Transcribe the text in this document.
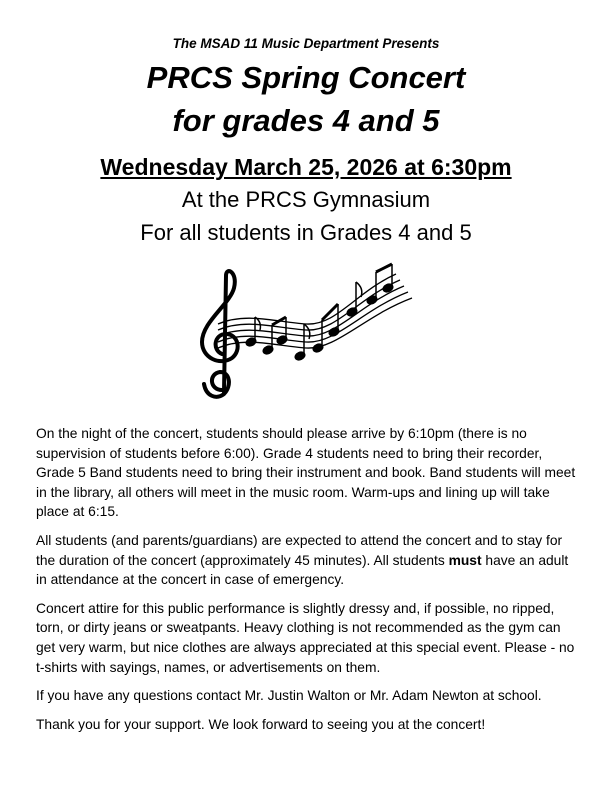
The MSAD 11 Music Department Presents
PRCS Spring Concert
for grades 4 and 5
Wednesday March 25, 2026 at 6:30pm
At the PRCS Gymnasium
For all students in Grades 4 and 5

On the night of the concert, students should please arrive by 6:10pm (there is no supervision of students before 6:00). Grade 4 students need to bring their recorder, Grade 5 Band students need to bring their instrument and book. Band students will meet in the library, all others will meet in the music room. Warm-ups and lining up will take place at 6:15.

All students (and parents/guardians) are expected to attend the concert and to stay for the duration of the concert (approximately 45 minutes). All students must have an adult in attendance at the concert in case of emergency.

Concert attire for this public performance is slightly dressy and, if possible, no ripped, torn, or dirty jeans or sweatpants. Heavy clothing is not recommended as the gym can get very warm, but nice clothes are always appreciated at this special event. Please - no t-shirts with sayings, names, or advertisements on them.

If you have any questions contact Mr. Justin Walton or Mr. Adam Newton at school.

Thank you for your support. We look forward to seeing you at the concert!
